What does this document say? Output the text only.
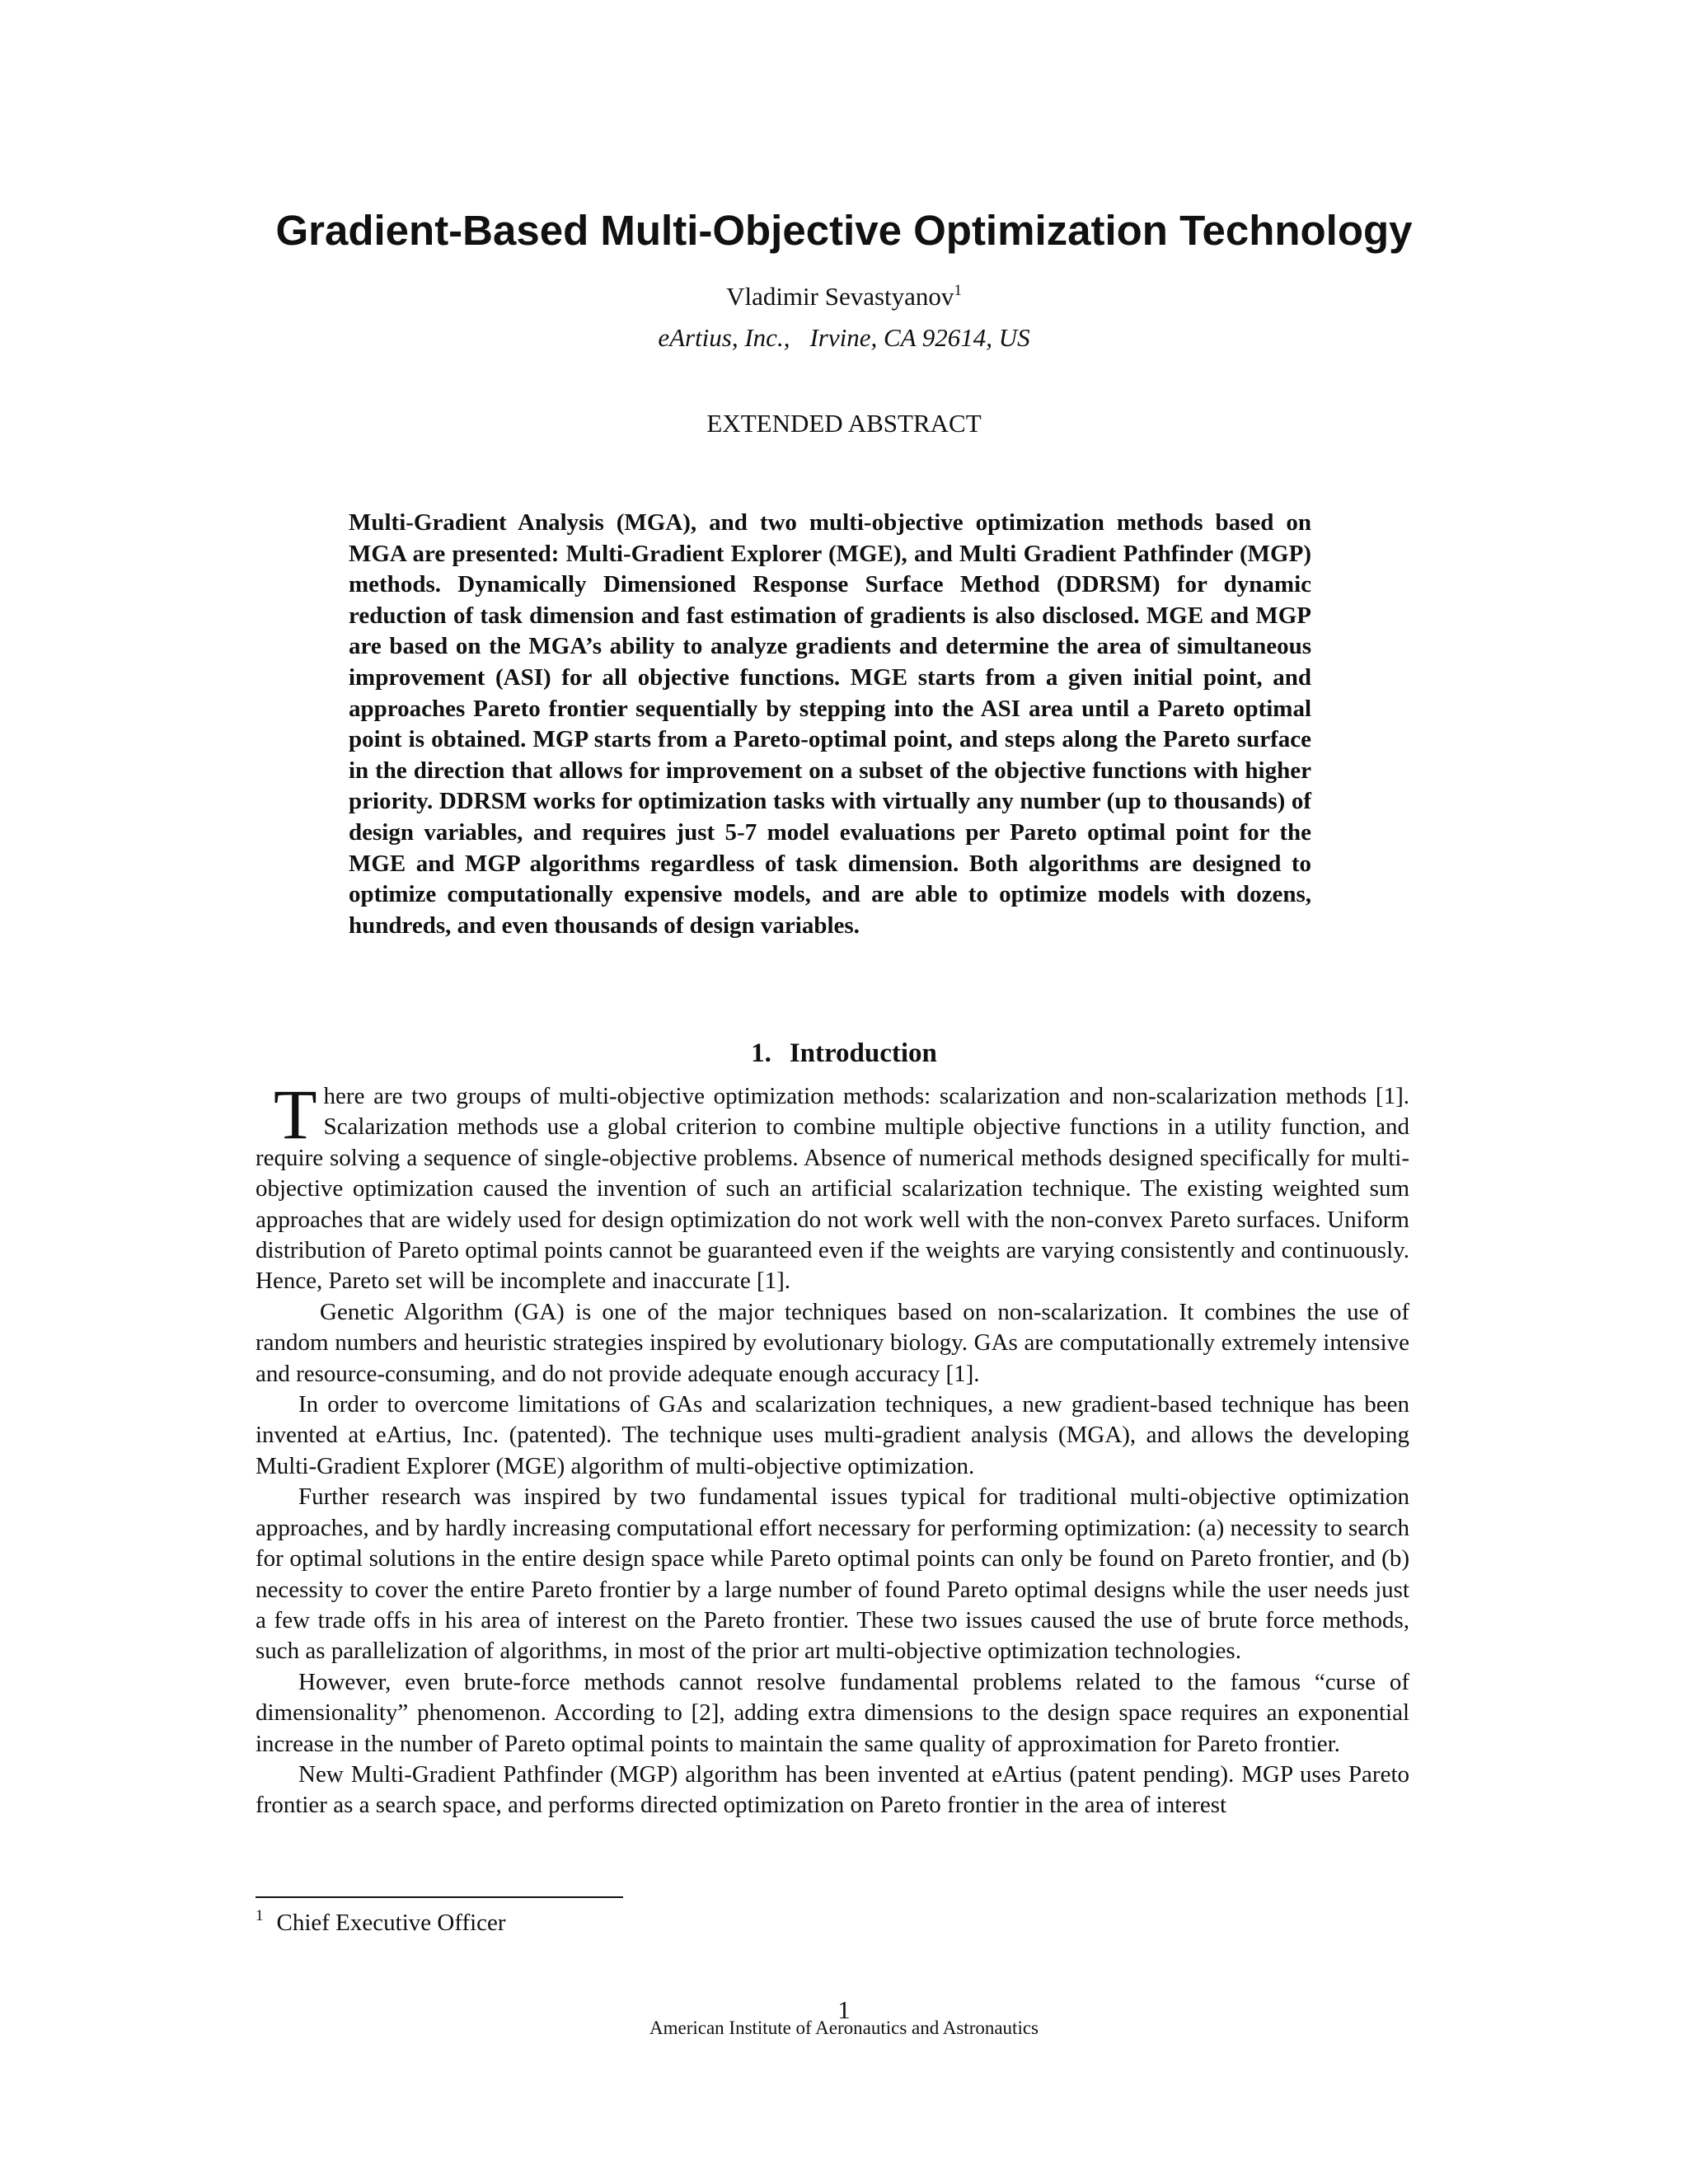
Gradient-Based Multi-Objective Optimization Technology
Vladimir Sevastyanov$^1$
eArtius, Inc., Irvine, CA 92614, US
EXTENDED ABSTRACT

Multi-Gradient Analysis (MGA), and two multi-objective optimization methods based on MGA are presented: Multi-Gradient Explorer (MGE), and Multi Gradient Pathfinder (MGP) methods. Dynamically Dimensioned Response Surface Method (DDRSM) for dynamic reduction of task dimension and fast estimation of gradients is also disclosed. MGE and MGP are based on the MGA’s ability to analyze gradients and determine the area of simultaneous improvement (ASI) for all objective functions. MGE starts from a given initial point, and approaches Pareto frontier sequentially by stepping into the ASI area until a Pareto optimal point is obtained. MGP starts from a Pareto-optimal point, and steps along the Pareto surface in the direction that allows for improvement on a subset of the objective functions with higher priority. DDRSM works for optimization tasks with virtually any number (up to thousands) of design variables, and requires just 5-7 model evaluations per Pareto optimal point for the MGE and MGP algorithms regardless of task dimension. Both algorithms are designed to optimize computationally expensive models, and are able to optimize models with dozens, hundreds, and even thousands of design variables.

1. Introduction

There are two groups of multi-objective optimization methods: scalarization and non-scalarization methods [1]. Scalarization methods use a global criterion to combine multiple objective functions in a utility function, and require solving a sequence of single-objective problems. Absence of numerical methods designed specifically for multi-objective optimization caused the invention of such an artificial scalarization technique. The existing weighted sum approaches that are widely used for design optimization do not work well with the non-convex Pareto surfaces. Uniform distribution of Pareto optimal points cannot be guaranteed even if the weights are varying consistently and continuously. Hence, Pareto set will be incomplete and inaccurate [1].

Genetic Algorithm (GA) is one of the major techniques based on non-scalarization. It combines the use of random numbers and heuristic strategies inspired by evolutionary biology. GAs are computationally extremely intensive and resource-consuming, and do not provide adequate enough accuracy [1].

In order to overcome limitations of GAs and scalarization techniques, a new gradient-based technique has been invented at eArtius, Inc. (patented). The technique uses multi-gradient analysis (MGA), and allows the developing Multi-Gradient Explorer (MGE) algorithm of multi-objective optimization.

Further research was inspired by two fundamental issues typical for traditional multi-objective optimization approaches, and by hardly increasing computational effort necessary for performing optimization: (a) necessity to search for optimal solutions in the entire design space while Pareto optimal points can only be found on Pareto frontier, and (b) necessity to cover the entire Pareto frontier by a large number of found Pareto optimal designs while the user needs just a few trade offs in his area of interest on the Pareto frontier. These two issues caused the use of brute force methods, such as parallelization of algorithms, in most of the prior art multi-objective optimization technologies.

However, even brute-force methods cannot resolve fundamental problems related to the famous “curse of dimensionality” phenomenon. According to [2], adding extra dimensions to the design space requires an exponential increase in the number of Pareto optimal points to maintain the same quality of approximation for Pareto frontier.

New Multi-Gradient Pathfinder (MGP) algorithm has been invented at eArtius (patent pending). MGP uses Pareto frontier as a search space, and performs directed optimization on Pareto frontier in the area of interest

$^1$ Chief Executive Officer
1
American Institute of Aeronautics and Astronautics
